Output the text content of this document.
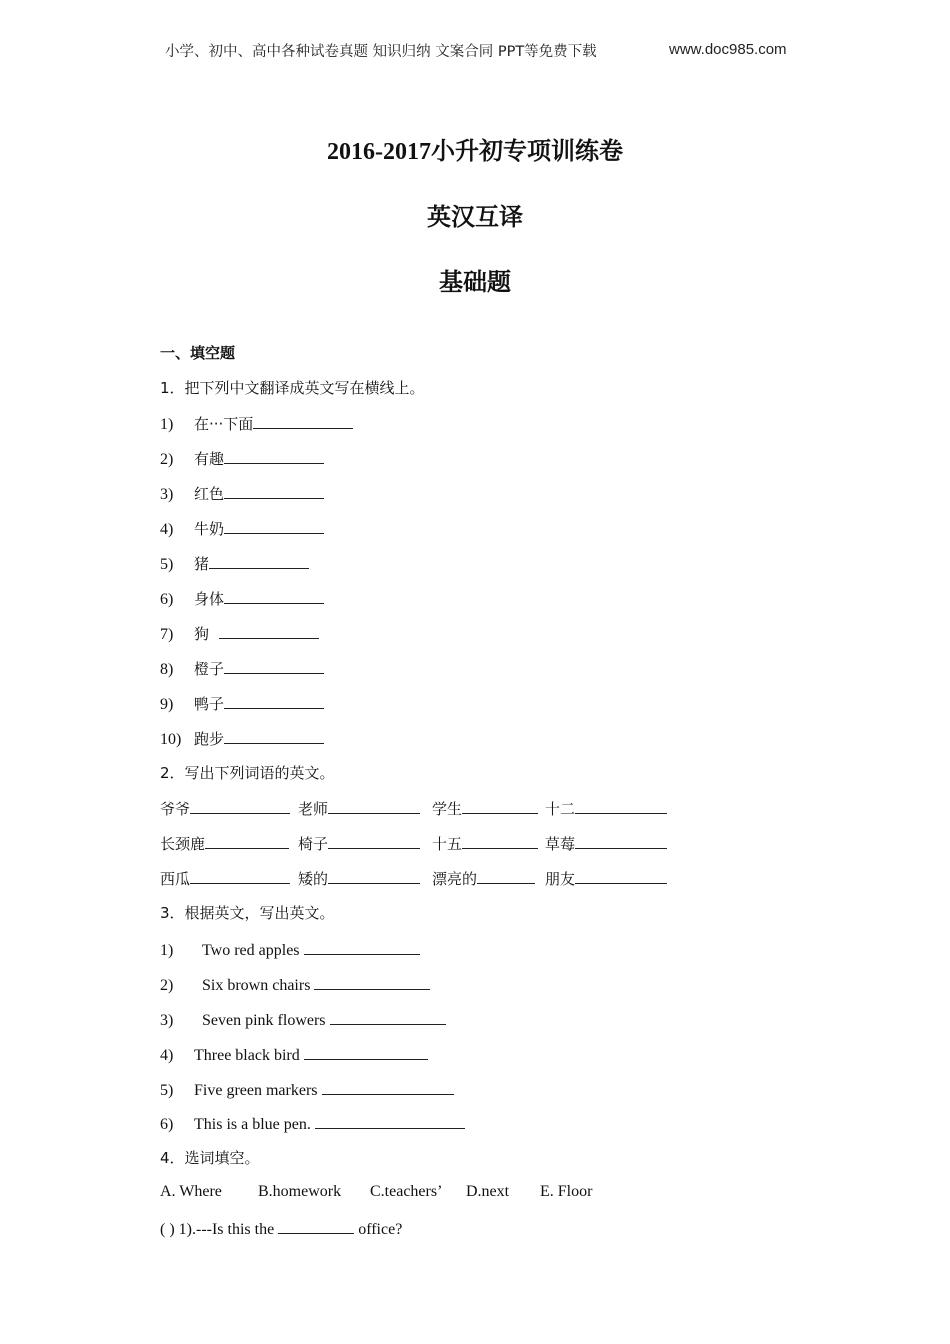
小学、初中、高中各种试卷真题 知识归纳 文案合同 PPT等免费下载	www.doc985.com
2016-2017小升初专项训练卷
英汉互译
基础题
一、填空题
1．把下列中文翻译成英文写在横线上。
1) 在···下面
2) 有趣
3) 红色
4) 牛奶
5) 猪
6) 身体
7) 狗
8) 橙子
9) 鸭子
10) 跑步
2．写出下列词语的英文。
爷爷	老师	学生	十二
长颈鹿	椅子	十五	草莓
西瓜	矮的	漂亮的	朋友
3．根据英文，写出英文。
1) Two red apples
2) Six brown chairs
3) Seven pink flowers
4) Three black bird
5) Five green markers
6) This is a blue pen.
4．选词填空。
A. Where B.homework C.teachers’ D.next E. Floor
( ) 1).---Is this the	office?
